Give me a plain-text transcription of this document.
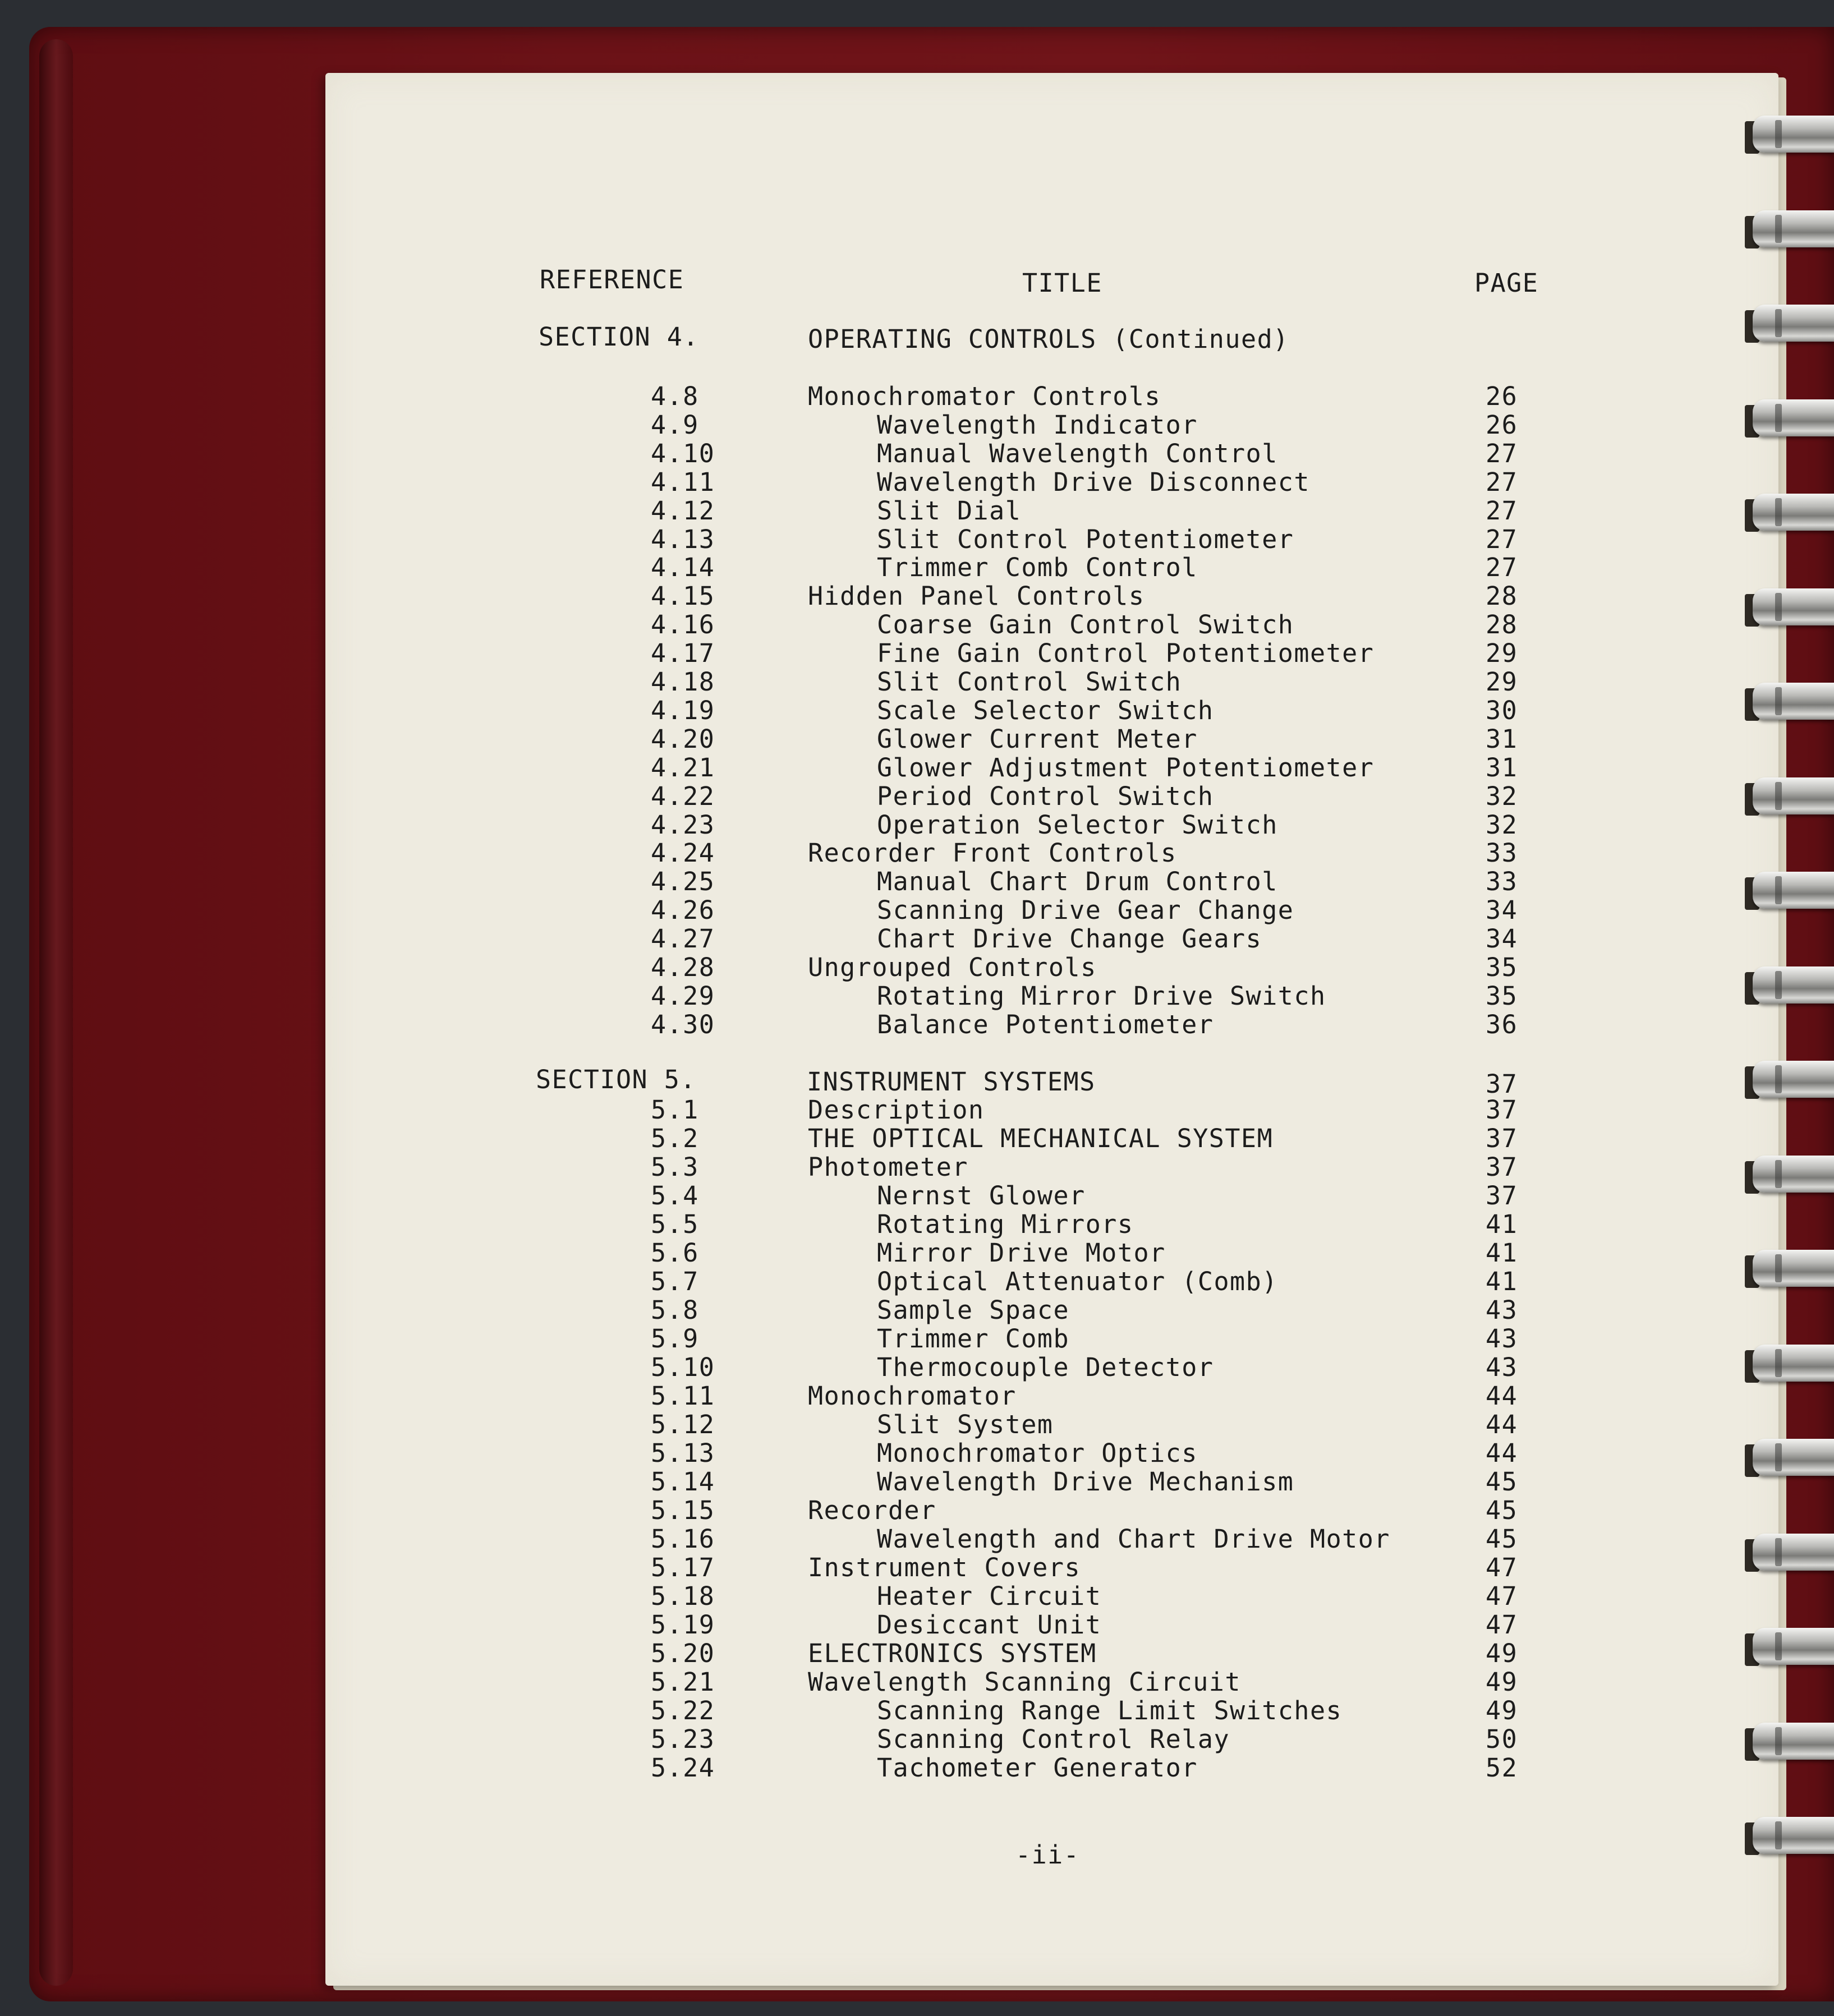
REFERENCE	TITLE	PAGE
SECTION 4.	OPERATING CONTROLS (Continued)
4.8	Monochromator Controls	26
4.9	Wavelength Indicator	26
4.10	Manual Wavelength Control	27
4.11	Wavelength Drive Disconnect	27
4.12	Slit Dial	27
4.13	Slit Control Potentiometer	27
4.14	Trimmer Comb Control	27
4.15	Hidden Panel Controls	28
4.16	Coarse Gain Control Switch	28
4.17	Fine Gain Control Potentiometer	29
4.18	Slit Control Switch	29
4.19	Scale Selector Switch	30
4.20	Glower Current Meter	31
4.21	Glower Adjustment Potentiometer	31
4.22	Period Control Switch	32
4.23	Operation Selector Switch	32
4.24	Recorder Front Controls	33
4.25	Manual Chart Drum Control	33
4.26	Scanning Drive Gear Change	34
4.27	Chart Drive Change Gears	34
4.28	Ungrouped Controls	35
4.29	Rotating Mirror Drive Switch	35
4.30	Balance Potentiometer	36
SECTION 5.	INSTRUMENT SYSTEMS	37
5.1	Description	37
5.2	THE OPTICAL MECHANICAL SYSTEM	37
5.3	Photometer	37
5.4	Nernst Glower	37
5.5	Rotating Mirrors	41
5.6	Mirror Drive Motor	41
5.7	Optical Attenuator (Comb)	41
5.8	Sample Space	43
5.9	Trimmer Comb	43
5.10	Thermocouple Detector	43
5.11	Monochromator	44
5.12	Slit System	44
5.13	Monochromator Optics	44
5.14	Wavelength Drive Mechanism	45
5.15	Recorder	45
5.16	Wavelength and Chart Drive Motor	45
5.17	Instrument Covers	47
5.18	Heater Circuit	47
5.19	Desiccant Unit	47
5.20	ELECTRONICS SYSTEM	49
5.21	Wavelength Scanning Circuit	49
5.22	Scanning Range Limit Switches	49
5.23	Scanning Control Relay	50
5.24	Tachometer Generator	52
-ii-
